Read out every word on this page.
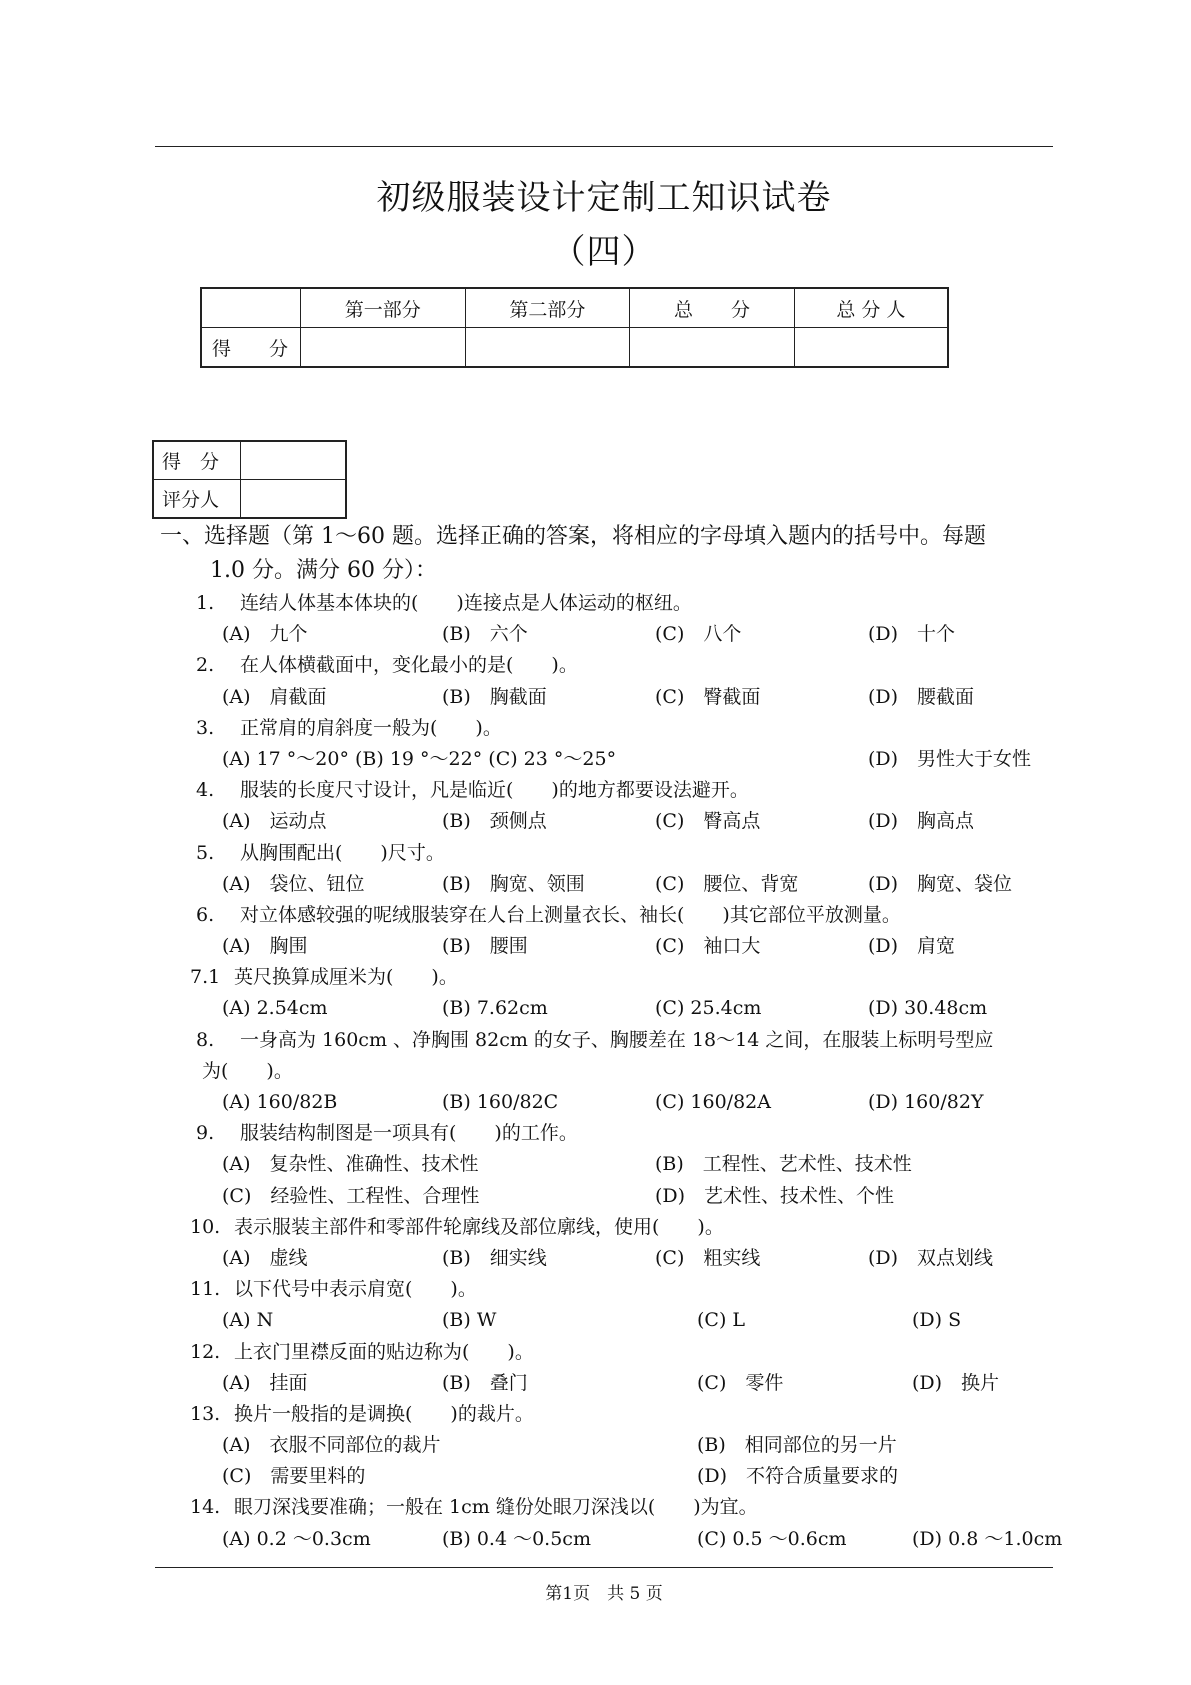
初级服装设计定制工知识试卷
（四）
	第一部分	第二部分	总　　分	总 分 人
得　　分				
得　分	
评分人	
一、选择题（第 1～60 题。选择正确的答案，将相应的字母填入题内的括号中。每题
1.0 分。满分 60 分）：
1. 连结人体基本体块的(　　)连接点是人体运动的枢纽。
(A)　九个	(B)　六个	(C)　八个	(D)　十个
2. 在人体横截面中，变化最小的是(　　)。
(A)　肩截面	(B)　胸截面	(C)　臀截面	(D)　腰截面
3. 正常肩的肩斜度一般为(　　)。
(A) 17 °～20° (B) 19 °～22° (C) 23 °～25°	(D)　男性大于女性
4. 服装的长度尺寸设计，凡是临近(　　)的地方都要设法避开。
(A)　运动点	(B)　颈侧点	(C)　臀高点	(D)　胸高点
5. 从胸围配出(　　)尺寸。
(A)　袋位、钮位	(B)　胸宽、领围	(C)　腰位、背宽	(D)　胸宽、袋位
6. 对立体感较强的呢绒服装穿在人台上测量衣长、袖长(　　)其它部位平放测量。
(A)　胸围	(B)　腰围	(C)　袖口大	(D)　肩宽
7.1 英尺换算成厘米为(　　)。
(A) 2.54cm	(B) 7.62cm	(C) 25.4cm	(D) 30.48cm
8. 一身高为 160cm 、净胸围 82cm 的女子、胸腰差在 18～14 之间，在服装上标明号型应
为(　　)。
(A) 160/82B	(B) 160/82C	(C) 160/82A	(D) 160/82Y
9. 服装结构制图是一项具有(　　)的工作。
(A)　复杂性、准确性、技术性	(B)　工程性、艺术性、技术性
(C)　经验性、工程性、合理性	(D)　艺术性、技术性、个性
10. 表示服装主部件和零部件轮廓线及部位廓线，使用(　　)。
(A)　虚线	(B)　细实线	(C)　粗实线	(D)　双点划线
11. 以下代号中表示肩宽(　　)。
(A) N	(B) W	(C) L	(D) S
12. 上衣门里襟反面的贴边称为(　　)。
(A)　挂面	(B)　叠门	(C)　零件	(D)　换片
13. 换片一般指的是调换(　　)的裁片。
(A)　衣服不同部位的裁片	(B)　相同部位的另一片
(C)　需要里料的	(D)　不符合质量要求的
14. 眼刀深浅要准确；一般在 1cm 缝份处眼刀深浅以(　　)为宜。
(A) 0.2 ～0.3cm	(B) 0.4 ～0.5cm	(C) 0.5 ～0.6cm	(D) 0.8 ～1.0cm
第1页　共 5 页
